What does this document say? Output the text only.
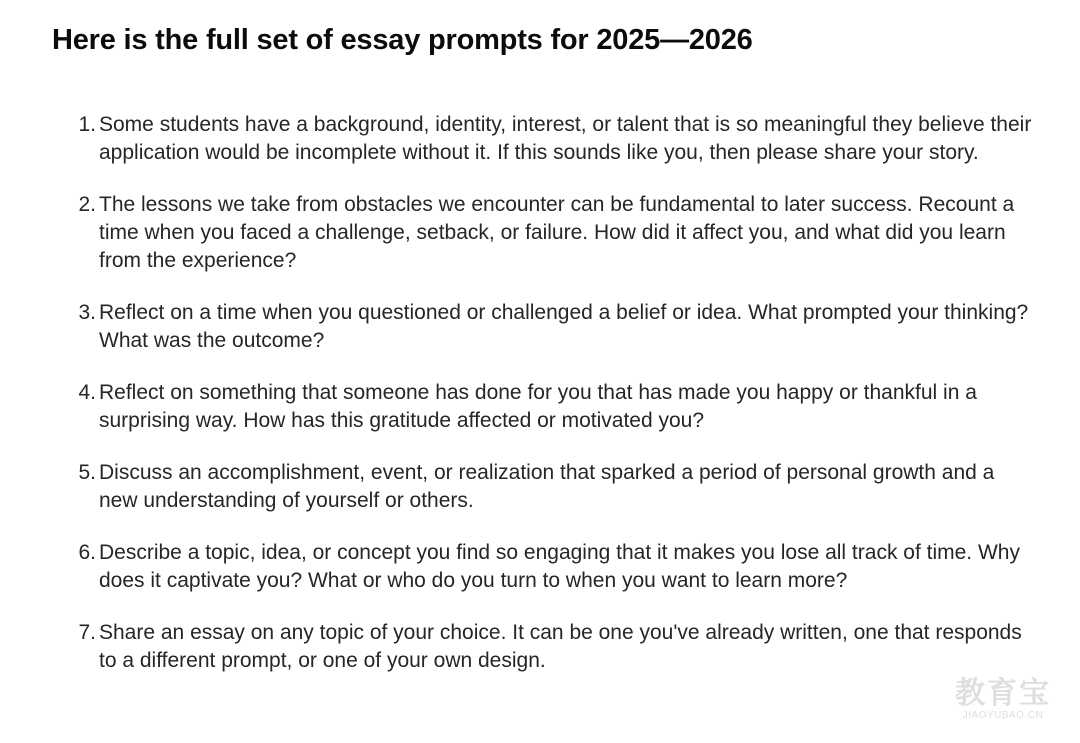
Here is the full set of essay prompts for 2025—2026
1. Some students have a background, identity, interest, or talent that is so meaningful they believe their application would be incomplete without it. If this sounds like you, then please share your story.
2. The lessons we take from obstacles we encounter can be fundamental to later success. Recount a time when you faced a challenge, setback, or failure. How did it affect you, and what did you learn from the experience?
3. Reflect on a time when you questioned or challenged a belief or idea. What prompted your thinking? What was the outcome?
4. Reflect on something that someone has done for you that has made you happy or thankful in a surprising way. How has this gratitude affected or motivated you?
5. Discuss an accomplishment, event, or realization that sparked a period of personal growth and a new understanding of yourself or others.
6. Describe a topic, idea, or concept you find so engaging that it makes you lose all track of time. Why does it captivate you? What or who do you turn to when you want to learn more?
7. Share an essay on any topic of your choice. It can be one you've already written, one that responds to a different prompt, or one of your own design.
教育宝
JIAOYUBAO.CN
